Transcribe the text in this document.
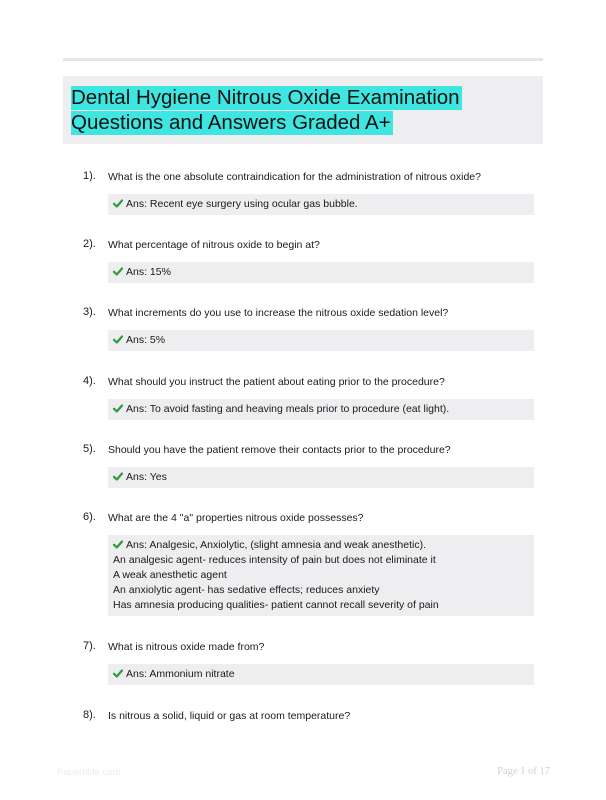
Dental Hygiene Nitrous Oxide Examination
Questions and Answers Graded A+
1). What is the one absolute contraindication for the administration of nitrous oxide?
Ans: Recent eye surgery using ocular gas bubble.
2). What percentage of nitrous oxide to begin at?
Ans: 15%
3). What increments do you use to increase the nitrous oxide sedation level?
Ans: 5%
4). What should you instruct the patient about eating prior to the procedure?
Ans: To avoid fasting and heaving meals prior to procedure (eat light).
5). Should you have the patient remove their contacts prior to the procedure?
Ans: Yes
6). What are the 4 "a" properties nitrous oxide possesses?
Ans: Analgesic, Anxiolytic, (slight amnesia and weak anesthetic).
An analgesic agent- reduces intensity of pain but does not eliminate it
A weak anesthetic agent
An anxiolytic agent- has sedative effects; reduces anxiety
Has amnesia producing qualities- patient cannot recall severity of pain
7). What is nitrous oxide made from?
Ans: Ammonium nitrate
8). Is nitrous a solid, liquid or gas at room temperature?
Papertible.com	Page 1 of 17
